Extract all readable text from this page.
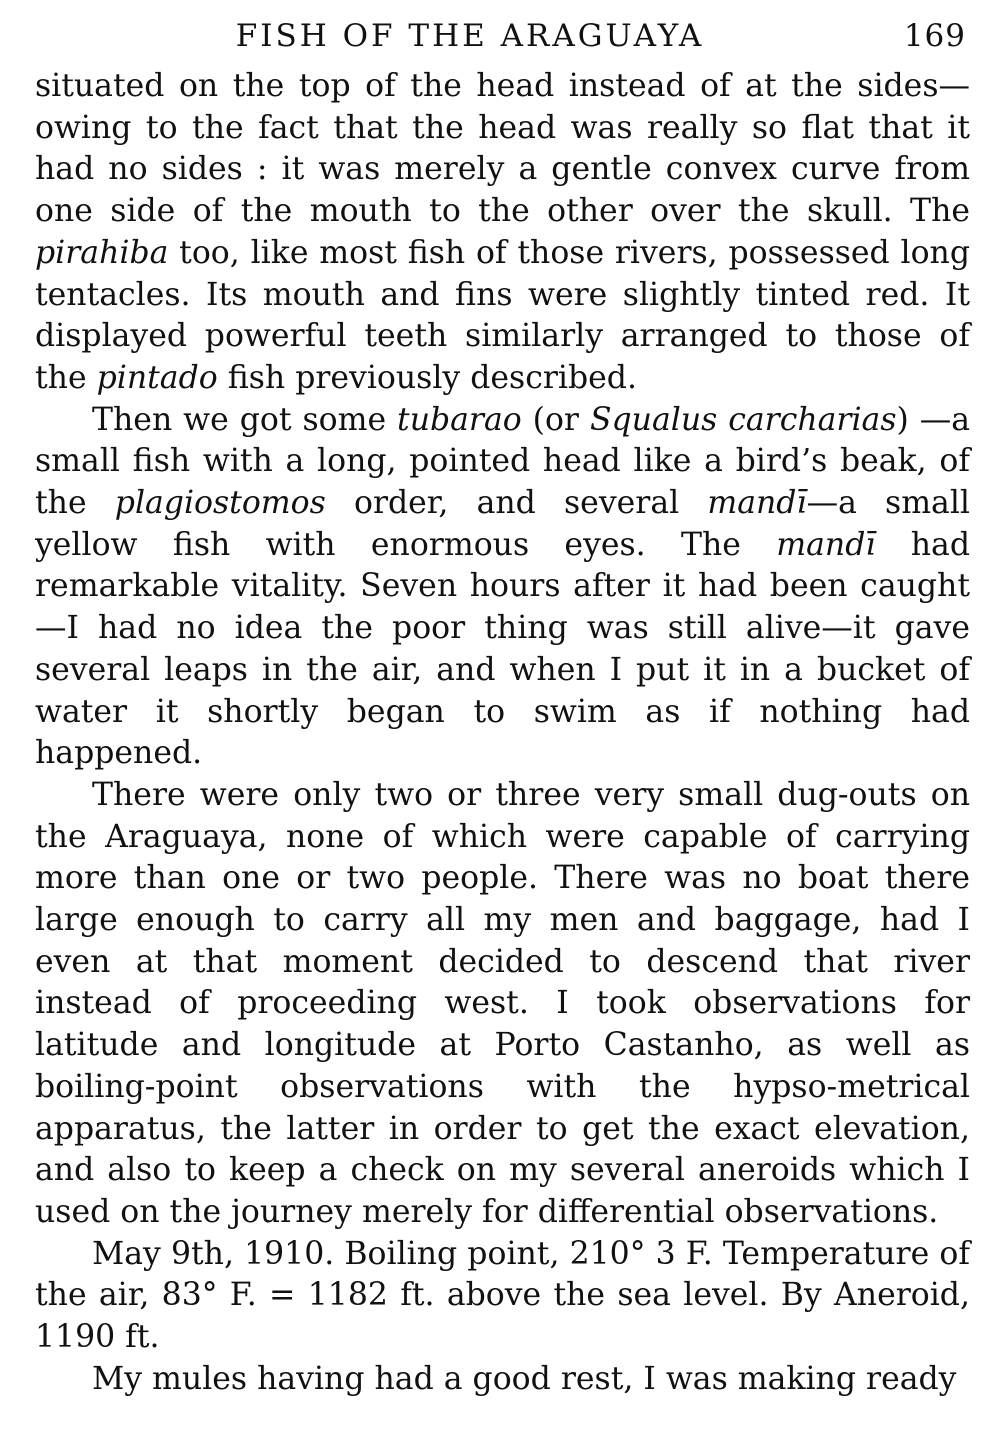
FISH OF THE ARAGUAYA	169

situated on the top of the head instead of at the sides—owing to the fact that the head was really so flat that it had no sides : it was merely a gentle convex curve from one side of the mouth to the other over the skull. The pirahiba too, like most fish of those rivers, possessed long tentacles. Its mouth and fins were slightly tinted red. It displayed powerful teeth similarly arranged to those of the pintado fish previously described.

Then we got some tubarao (or Squalus carcharias) —a small fish with a long, pointed head like a bird’s beak, of the plagiostomos order, and several mandī—a small yellow fish with enormous eyes. The mandī had remarkable vitality. Seven hours after it had been caught—I had no idea the poor thing was still alive—it gave several leaps in the air, and when I put it in a bucket of water it shortly began to swim as if nothing had happened.

There were only two or three very small dug-outs on the Araguaya, none of which were capable of carrying more than one or two people. There was no boat there large enough to carry all my men and baggage, had I even at that moment decided to descend that river instead of proceeding west. I took observations for latitude and longitude at Porto Castanho, as well as boiling-point observations with the hypso-metrical apparatus, the latter in order to get the exact elevation, and also to keep a check on my several aneroids which I used on the journey merely for differential observations.

May 9th, 1910. Boiling point, 210° 3 F. Temperature of the air, 83° F. = 1182 ft. above the sea level. By Aneroid, 1190 ft.

My mules having had a good rest, I was making ready
